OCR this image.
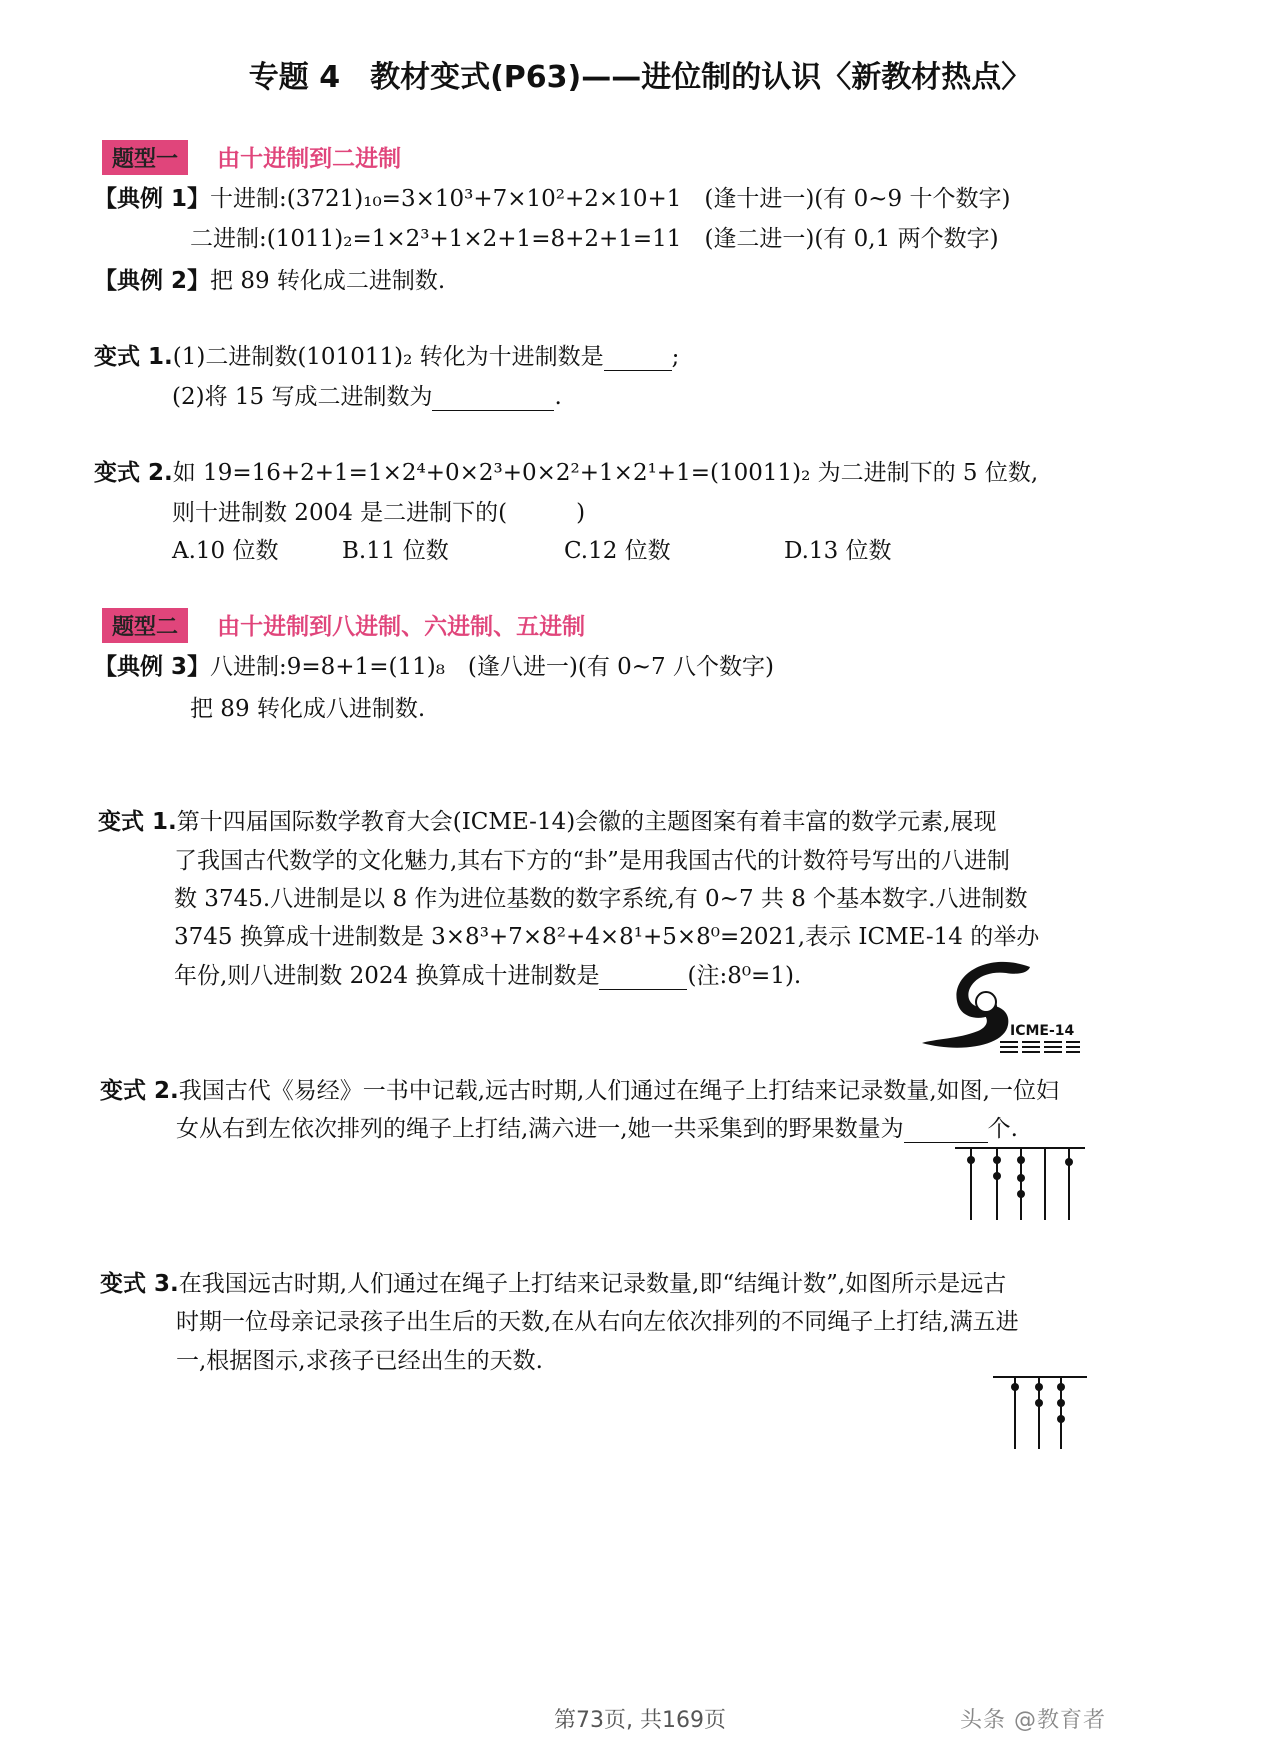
专题 4　教材变式(P63)——进位制的认识〈新教材热点〉
题型一 由十进制到二进制
【典例 1】十进制:(3721)₁₀=3×10³+7×10²+2×10+1　(逢十进一)(有 0~9 十个数字)
二进制:(1011)₂=1×2³+1×2+1=8+2+1=11　(逢二进一)(有 0,1 两个数字)
【典例 2】把 89 转化成二进制数.
变式 1.(1)二进制数(101011)₂ 转化为十进制数是	;
(2)将 15 写成二进制数为	.
变式 2.如 19=16+2+1=1×2⁴+0×2³+0×2²+1×2¹+1=(10011)₂ 为二进制下的 5 位数,
则十进制数 2004 是二进制下的(　　　)
A.10 位数	B.11 位数	C.12 位数	D.13 位数
题型二 由十进制到八进制、六进制、五进制
【典例 3】八进制:9=8+1=(11)₈　(逢八进一)(有 0~7 八个数字)
把 89 转化成八进制数.
变式 1.第十四届国际数学教育大会(ICME-14)会徽的主题图案有着丰富的数学元素,展现
了我国古代数学的文化魅力,其右下方的“卦”是用我国古代的计数符号写出的八进制
数 3745.八进制是以 8 作为进位基数的数字系统,有 0~7 共 8 个基本数字.八进制数
3745 换算成十进制数是 3×8³+7×8²+4×8¹+5×8⁰=2021,表示 ICME-14 的举办
年份,则八进制数 2024 换算成十进制数是	(注:8⁰=1).
ICME-14
变式 2.我国古代《易经》一书中记载,远古时期,人们通过在绳子上打结来记录数量,如图,一位妇
女从右到左依次排列的绳子上打结,满六进一,她一共采集到的野果数量为	个.
变式 3.在我国远古时期,人们通过在绳子上打结来记录数量,即“结绳计数”,如图所示是远古
时期一位母亲记录孩子出生后的天数,在从右向左依次排列的不同绳子上打结,满五进
一,根据图示,求孩子已经出生的天数.
第73页, 共169页	头条 @教育者
